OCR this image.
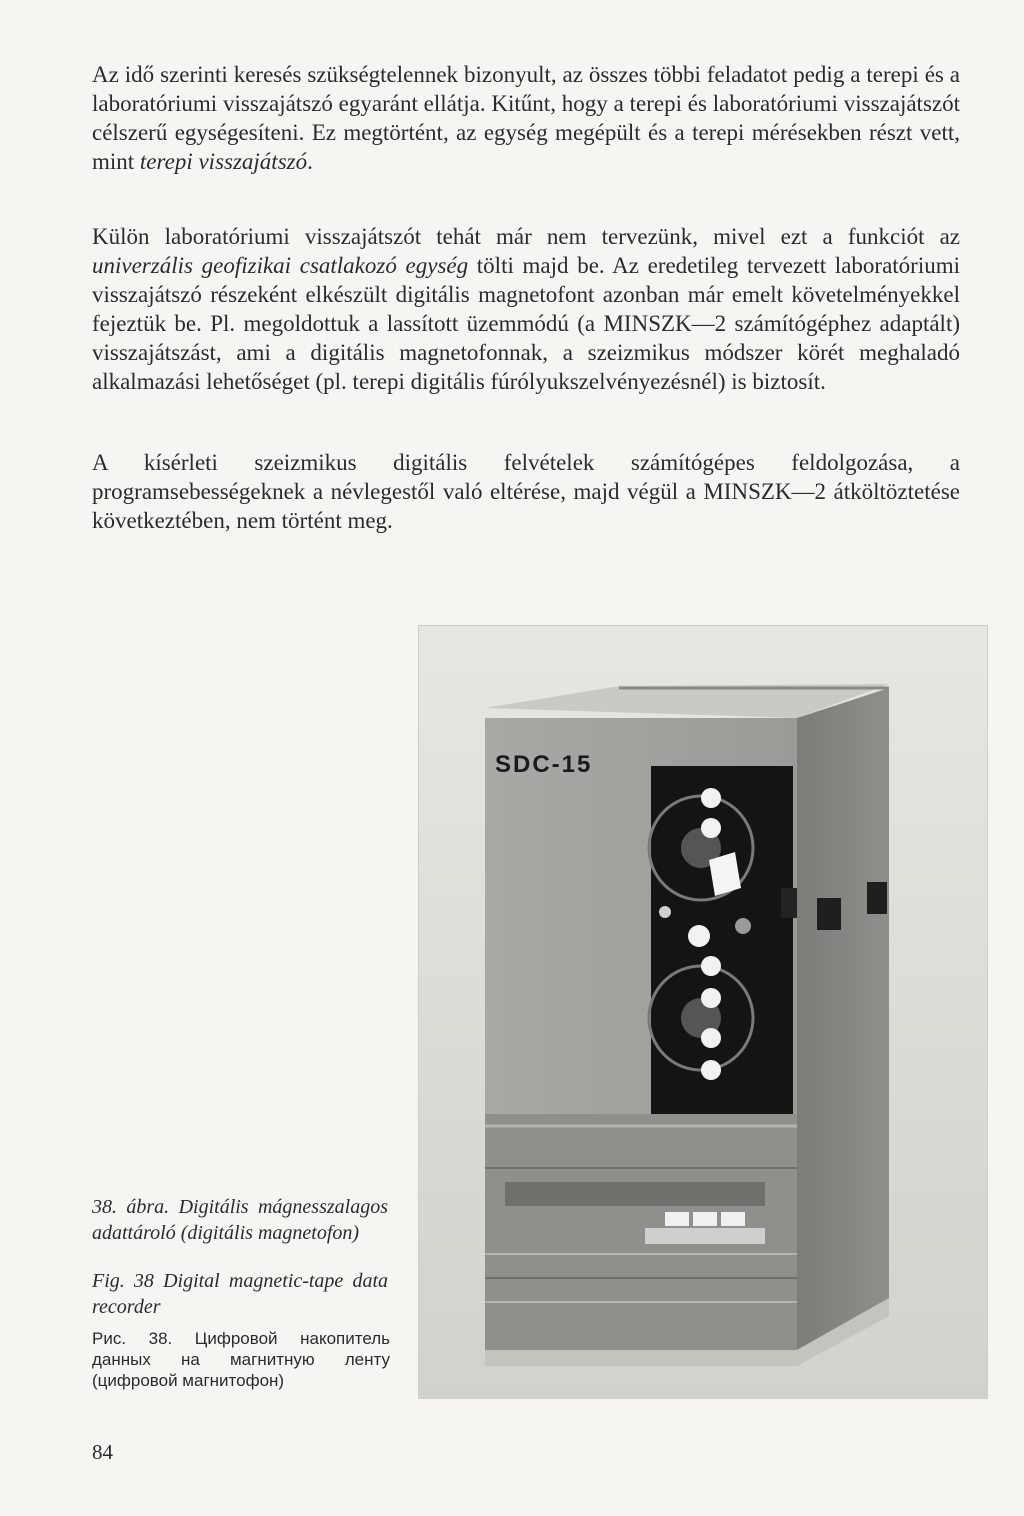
Az idő szerinti keresés szükségtelennek bizonyult, az összes többi feladatot pedig a terepi és a laboratóriumi visszajátszó egyaránt ellátja. Kitűnt, hogy a terepi és laboratóriumi visszajátszót célszerű egységesíteni. Ez megtörtént, az egység megépült és a terepi mérésekben részt vett, mint terepi visszajátszó.

Külön laboratóriumi visszajátszót tehát már nem tervezünk, mivel ezt a funkciót az univerzális geofizikai csatlakozó egység tölti majd be. Az eredetileg tervezett laboratóriumi visszajátszó részeként elkészült digitális magnetofont azonban már emelt követelményekkel fejeztük be. Pl. megoldottuk a lassított üzemmódú (a MINSZK—2 számítógéphez adaptált) visszajátszást, ami a digitális magnetofonnak, a szeizmikus módszer körét meghaladó alkalmazási lehetőséget (pl. terepi digitális fúrólyukszelvényezésnél) is biztosít.

A kísérleti szeizmikus digitális felvételek számítógépes feldolgozása, a programsebességeknek a névlegestől való eltérése, majd végül a MINSZK—2 átköltöztetése következtében, nem történt meg.

SDC-15
38. ábra. Digitális mágnesszalagos adattároló (digitális magnetofon)
Fig. 38 Digital magnetic-tape data recorder
Рис. 38. Цифровой накопитель данных на магнитную ленту (цифровой магнитофон)
84
